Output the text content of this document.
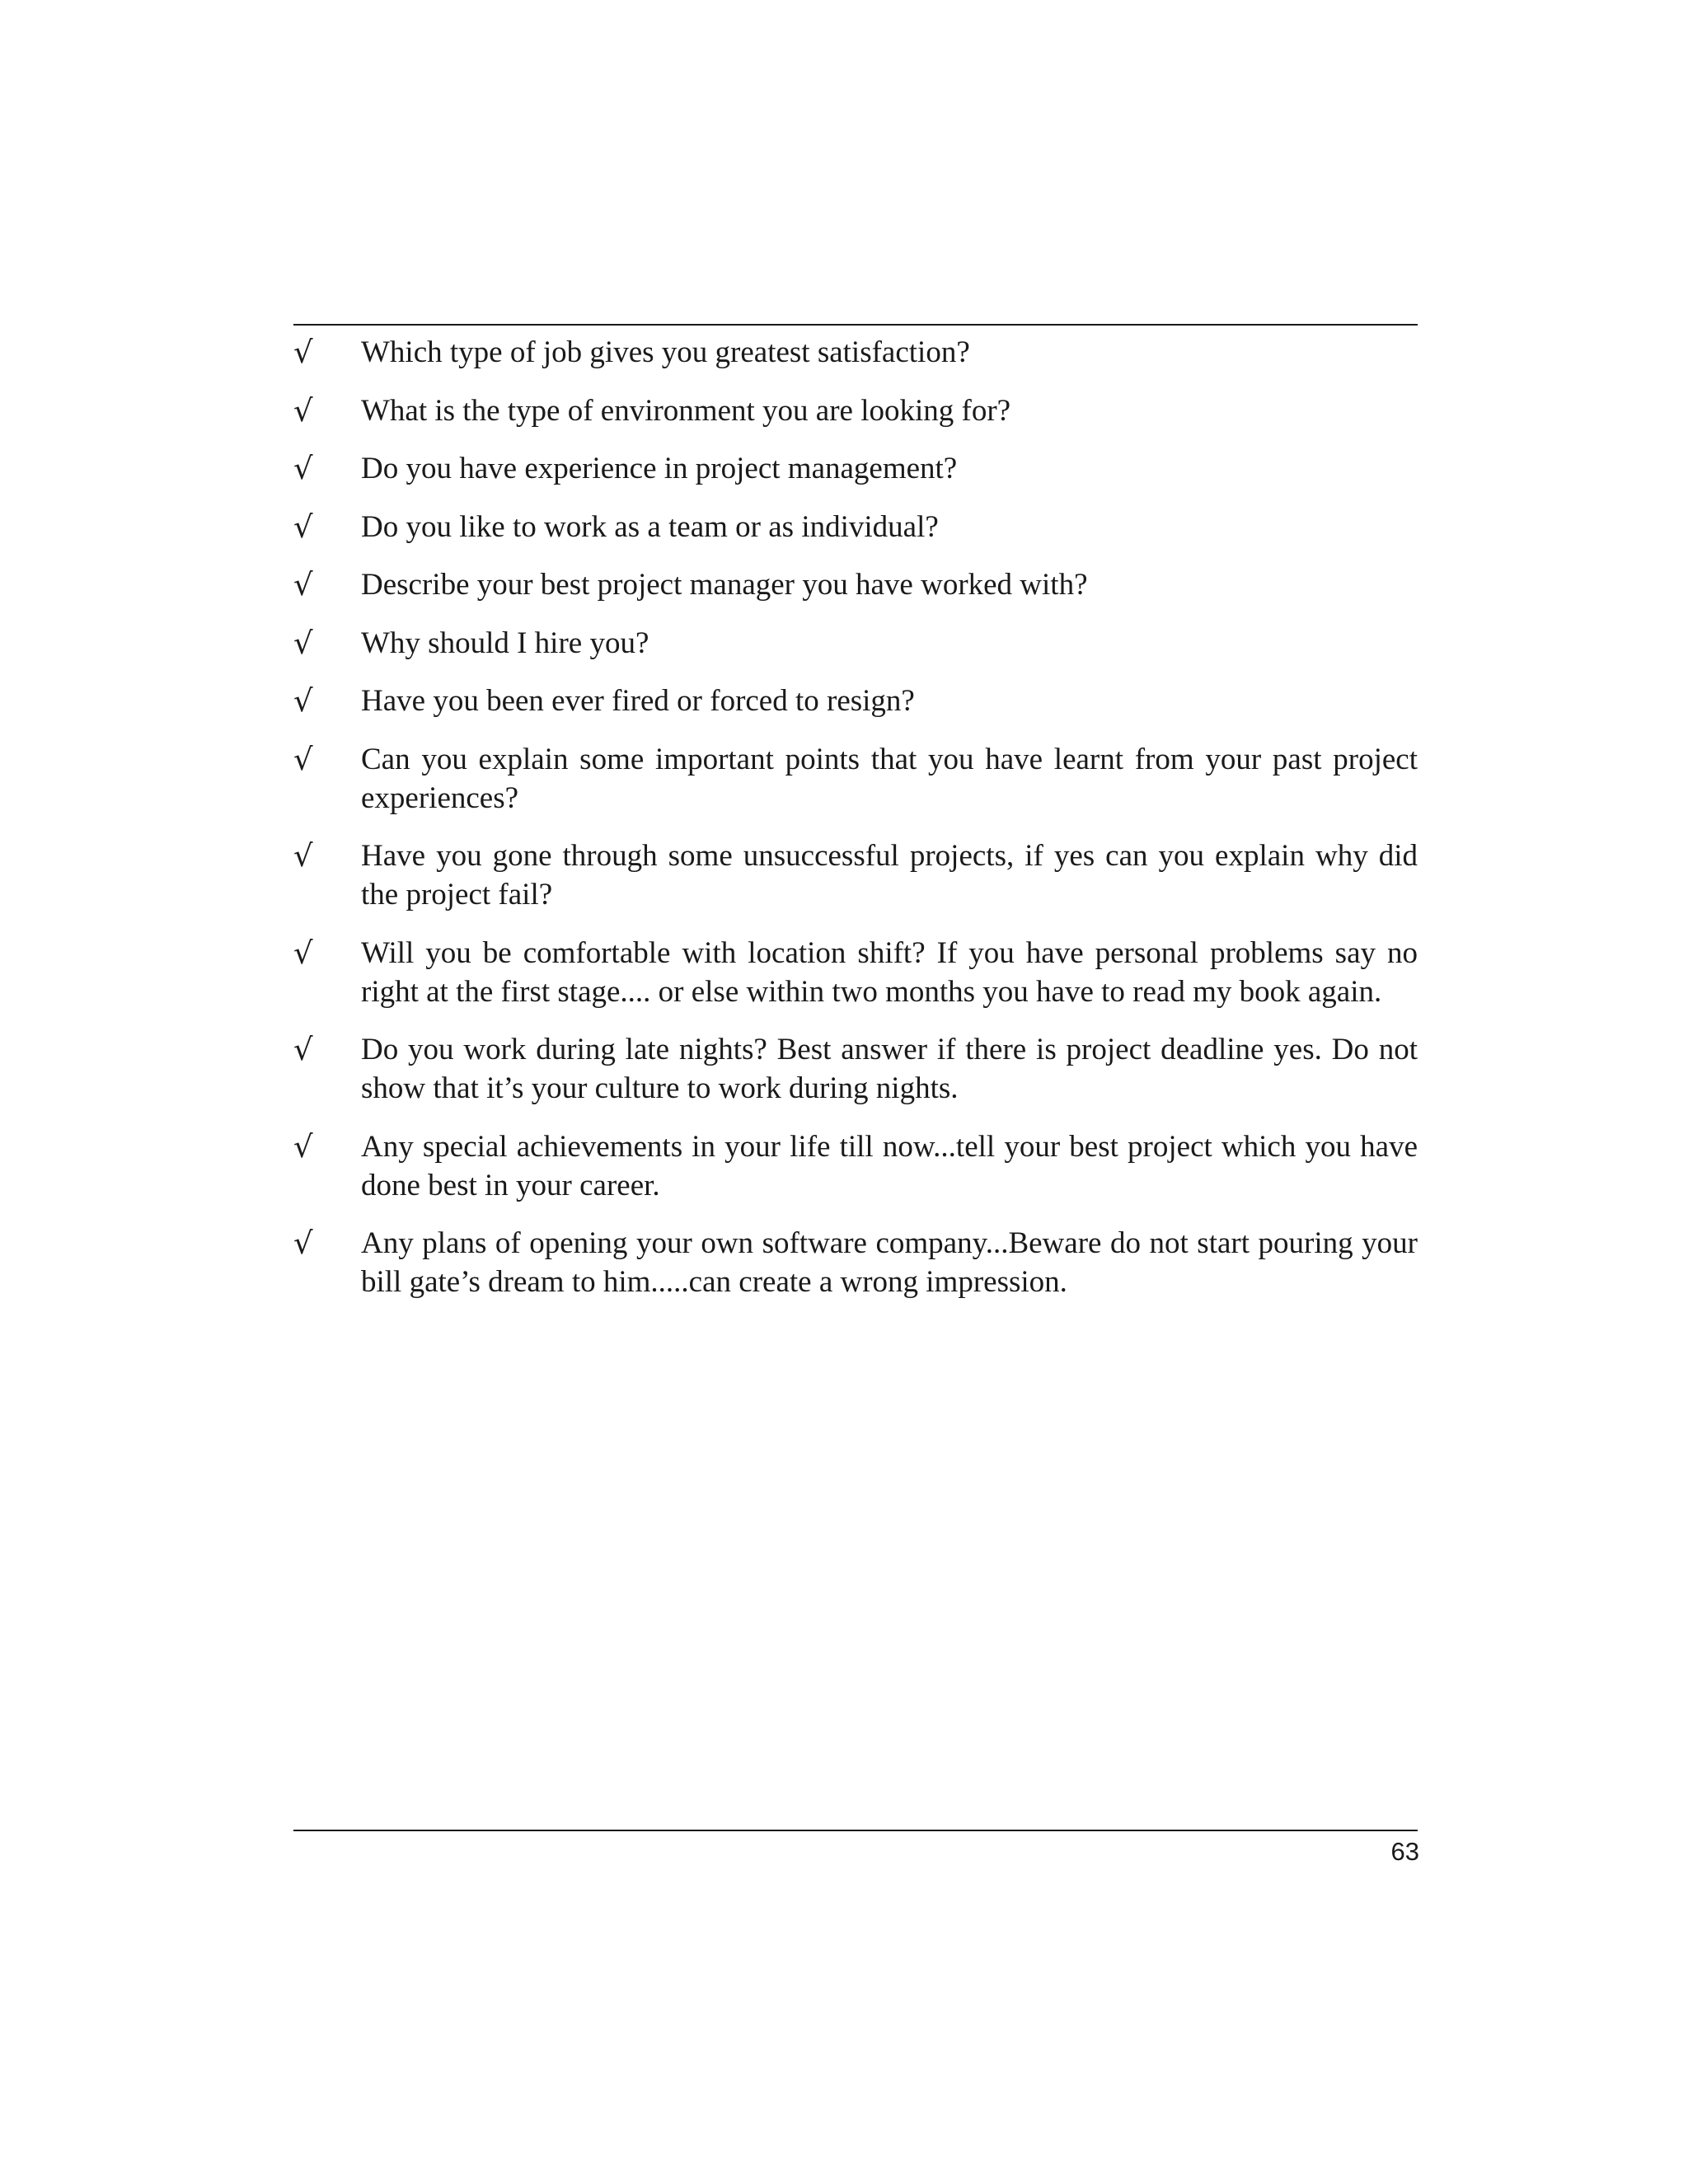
√	Which type of job gives you greatest satisfaction?
√	What is the type of environment you are looking for?
√	Do you have experience in project management?
√	Do you like to work as a team or as individual?
√	Describe your best project manager you have worked with?
√	Why should I hire you?
√	Have you been ever fired or forced to resign?
√	Can you explain some important points that you have learnt from your past project experiences?
√	Have you gone through some unsuccessful projects, if yes can you explain why did the project fail?
√	Will you be comfortable with location shift? If you have personal problems say no right at the first stage.... or else within two months you have to read my book again.
√	Do you work during late nights? Best answer if there is project deadline yes. Do not show that it’s your culture to work during nights.
√	Any special achievements in your life till now...tell your best project which you have done best in your career.
√	Any plans of opening your own software company...Beware do not start pouring your bill gate’s dream to him.....can create a wrong impression.
63
